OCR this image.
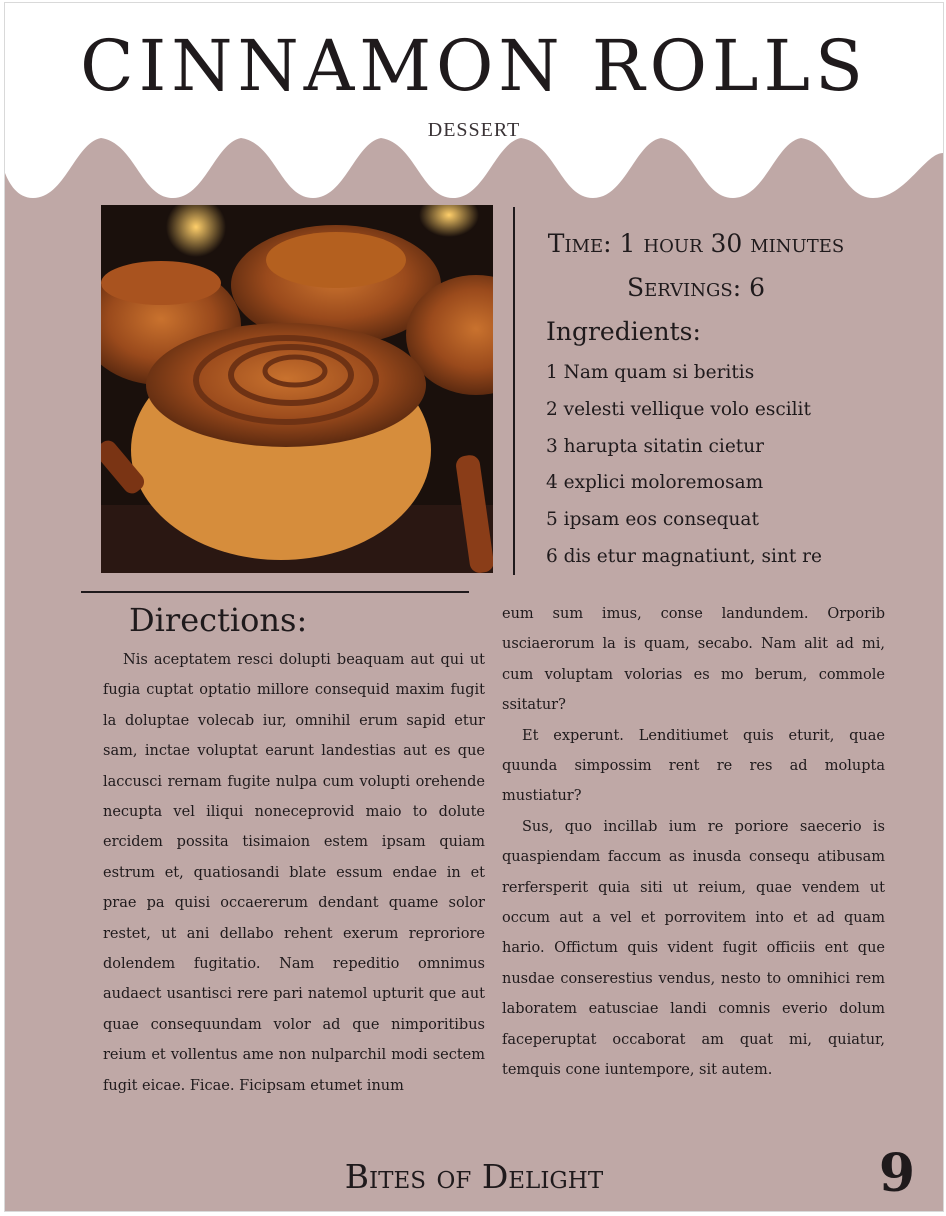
CINNAMON ROLLS
DESSERT
Time: 1 hour 30 minutes
Servings: 6
Ingredients:
1 Nam quam si beritis
2 velesti vellique volo escilit
3 harupta sitatin cietur
4 explici moloremosam
5 ipsam eos consequat
6 dis etur magnatiunt, sint re
Directions:

Nis aceptatem resci dolupti beaquam aut qui ut fugia cuptat optatio millore consequid maxim fugit la doluptae volecab iur, omnihil erum sapid etur sam, inctae voluptat earunt landestias aut es que laccusci rernam fugite nulpa cum volupti orehende necupta vel iliqui noneceprovid maio to dolute ercidem possita tisimaion estem ipsam quiam estrum et, quatiosandi blate essum endae in et prae pa quisi occaererum dendant quame solor restet, ut ani dellabo rehent exerum reproriore dolendem fugitatio. Nam repeditio omnimus audaect usantisci rere pari natemol upturit que aut quae consequundam volor ad que nimporitibus reium et vollentus ame non nulparchil modi sectem fugit eicae. Ficae. Ficipsam etumet inum

eum sum imus, conse landundem. Orporib usciaerorum la is quam, secabo. Nam alit ad mi, cum voluptam volorias es mo berum, commole ssitatur?

Et experunt. Lenditiumet quis eturit, quae quunda simpossim rent re res ad molupta mustiatur?

Sus, quo incillab ium re poriore saecerio is quaspiendam faccum as inusda consequ atibusam rerfersperit quia siti ut reium, quae vendem ut occum aut a vel et porrovitem into et ad quam hario. Offictum quis vident fugit officiis ent que nusdae conserestius vendus, nesto to omnihici rem laboratem eatusciae landi comnis everio dolum faceperuptat occaborat am quat mi, quiatur, temquis cone iuntempore, sit autem.

Bites of Delight	9
